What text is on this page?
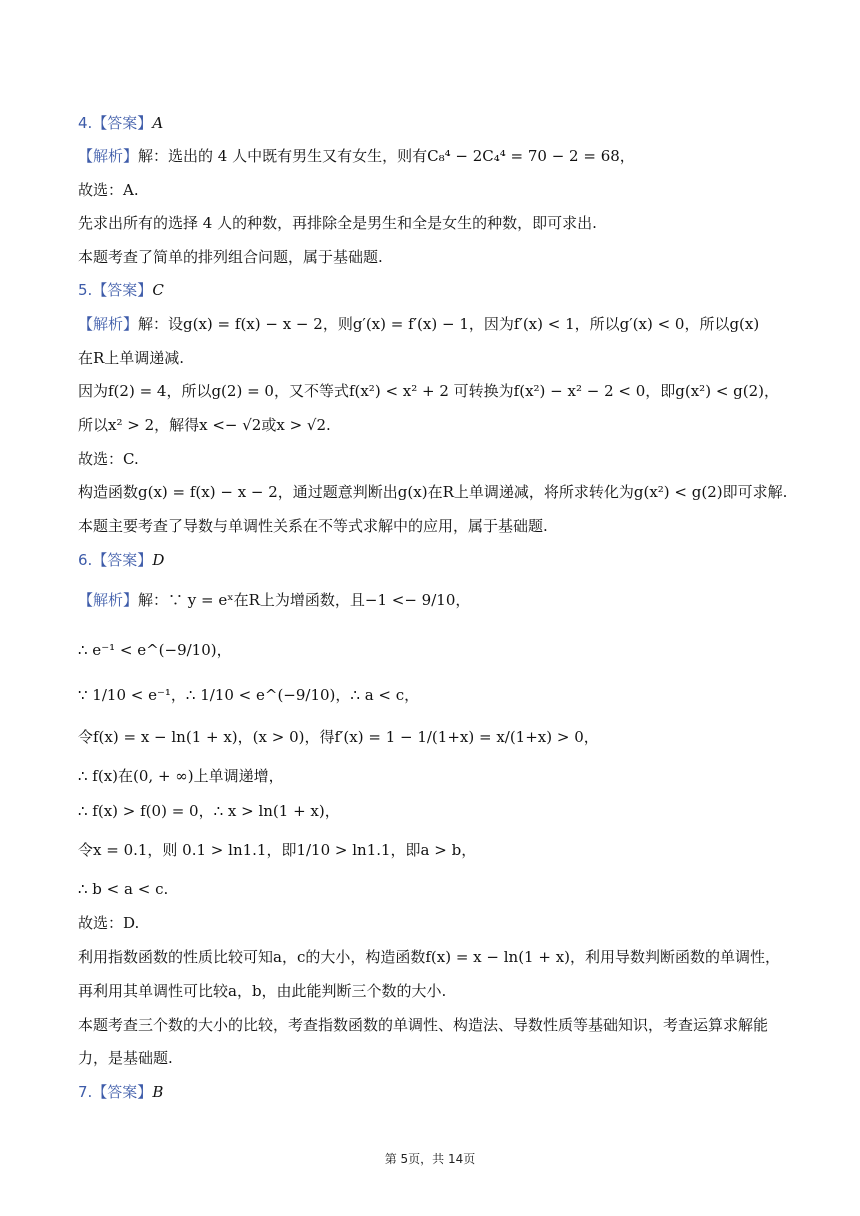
4.【答案】A
【解析】解：选出的 4 人中既有男生又有女生，则有C₈⁴ − 2C₄⁴ = 70 − 2 = 68，
故选：A.
先求出所有的选择 4 人的种数，再排除全是男生和全是女生的种数，即可求出.
本题考查了简单的排列组合问题，属于基础题.
5.【答案】C
【解析】解：设g(x) = f(x) − x − 2，则g′(x) = f′(x) − 1，因为f′(x) < 1，所以g′(x) < 0，所以g(x)
在R上单调递减.
因为f(2) = 4，所以g(2) = 0，又不等式f(x²) < x² + 2 可转换为f(x²) − x² − 2 < 0，即g(x²) < g(2)，
所以x² > 2，解得x <− √2或x > √2.
故选：C.
构造函数g(x) = f(x) − x − 2，通过题意判断出g(x)在R上单调递减，将所求转化为g(x²) < g(2)即可求解.
本题主要考查了导数与单调性关系在不等式求解中的应用，属于基础题.
6.【答案】D
【解析】解：∵ y = eˣ在R上为增函数，且−1 <− 9/10，
∴ e⁻¹ < e^(−9/10)，
∵ 1/10 < e⁻¹，∴ 1/10 < e^(−9/10)，∴ a < c，
令f(x) = x − ln(1 + x)，(x > 0)，得f′(x) = 1 − 1/(1+x) = x/(1+x) > 0，
∴ f(x)在(0, + ∞)上单调递增，
∴ f(x) > f(0) = 0，∴ x > ln(1 + x)，
令x = 0.1，则 0.1 > ln1.1，即1/10 > ln1.1，即a > b，
∴ b < a < c.
故选：D.
利用指数函数的性质比较可知a，c的大小，构造函数f(x) = x − ln(1 + x)，利用导数判断函数的单调性，
再利用其单调性可比较a，b，由此能判断三个数的大小.
本题考查三个数的大小的比较，考查指数函数的单调性、构造法、导数性质等基础知识，考查运算求解能
力，是基础题.
7.【答案】B
第 5页，共 14页
